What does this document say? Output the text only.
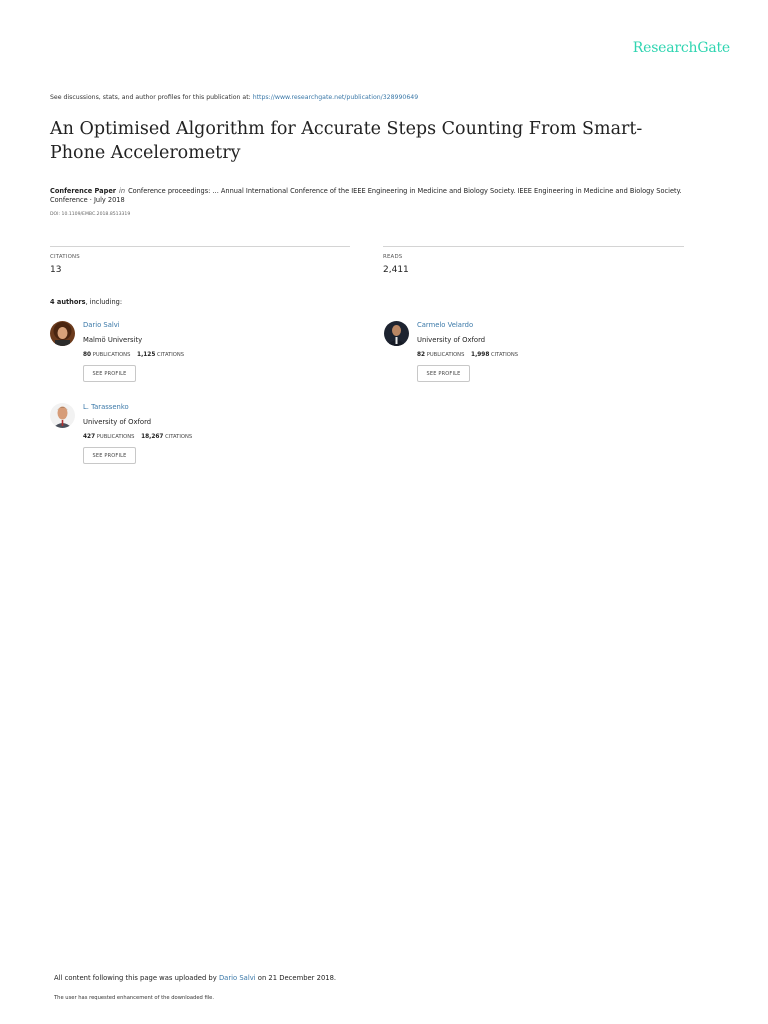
ResearchGate
See discussions, stats, and author profiles for this publication at: https://www.researchgate.net/publication/328990649
An Optimised Algorithm for Accurate Steps Counting From Smart-Phone Accelerometry
Conference Paper in Conference proceedings: ... Annual International Conference of the IEEE Engineering in Medicine and Biology Society. IEEE Engineering in Medicine and Biology Society. Conference · July 2018
DOI: 10.1109/EMBC.2018.8513319
CITATIONS
13
READS
2,411
4 authors, including:
Dario Salvi
Malmö University
80 PUBLICATIONS 1,125 CITATIONS
SEE PROFILE
Carmelo Velardo
University of Oxford
82 PUBLICATIONS 1,998 CITATIONS
SEE PROFILE
L. Tarassenko
University of Oxford
427 PUBLICATIONS 18,267 CITATIONS
SEE PROFILE
All content following this page was uploaded by Dario Salvi on 21 December 2018.
The user has requested enhancement of the downloaded file.
